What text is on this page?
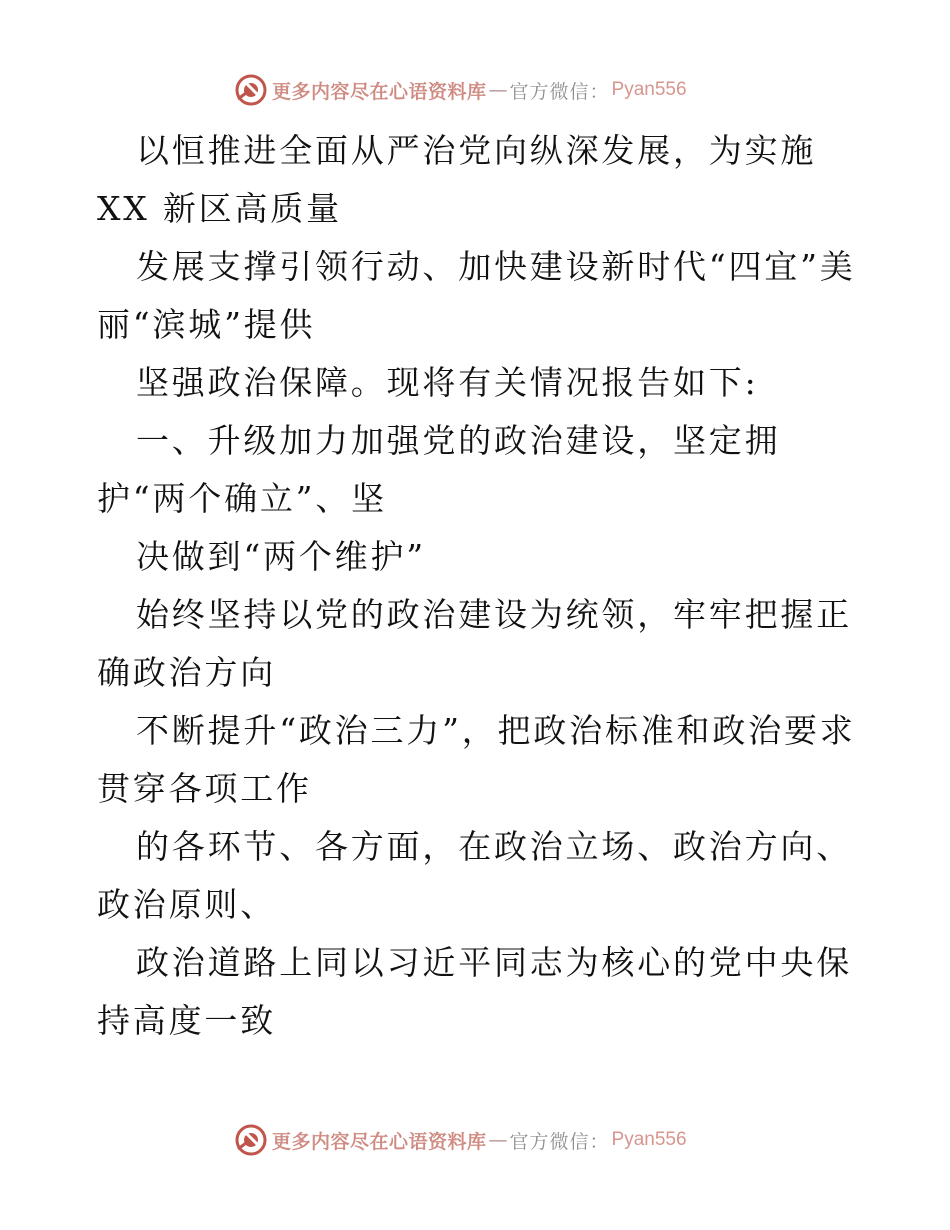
更多内容尽在心语资料库 — 官方微信： Pyan556

以恒推进全面从严治党向纵深发展，为实施 XX 新区高质量

发展支撑引领行动、加快建设新时代“四宜”美丽“滨城”提供

坚强政治保障。现将有关情况报告如下:

一、升级加力加强党的政治建设，坚定拥护“两个确立”、坚

决做到“两个维护”

始终坚持以党的政治建设为统领，牢牢把握正确政治方向

不断提升“政治三力”，把政治标准和政治要求贯穿各项工作

的各环节、各方面，在政治立场、政治方向、政治原则、

政治道路上同以习近平同志为核心的党中央保持高度一致

更多内容尽在心语资料库 — 官方微信： Pyan556
